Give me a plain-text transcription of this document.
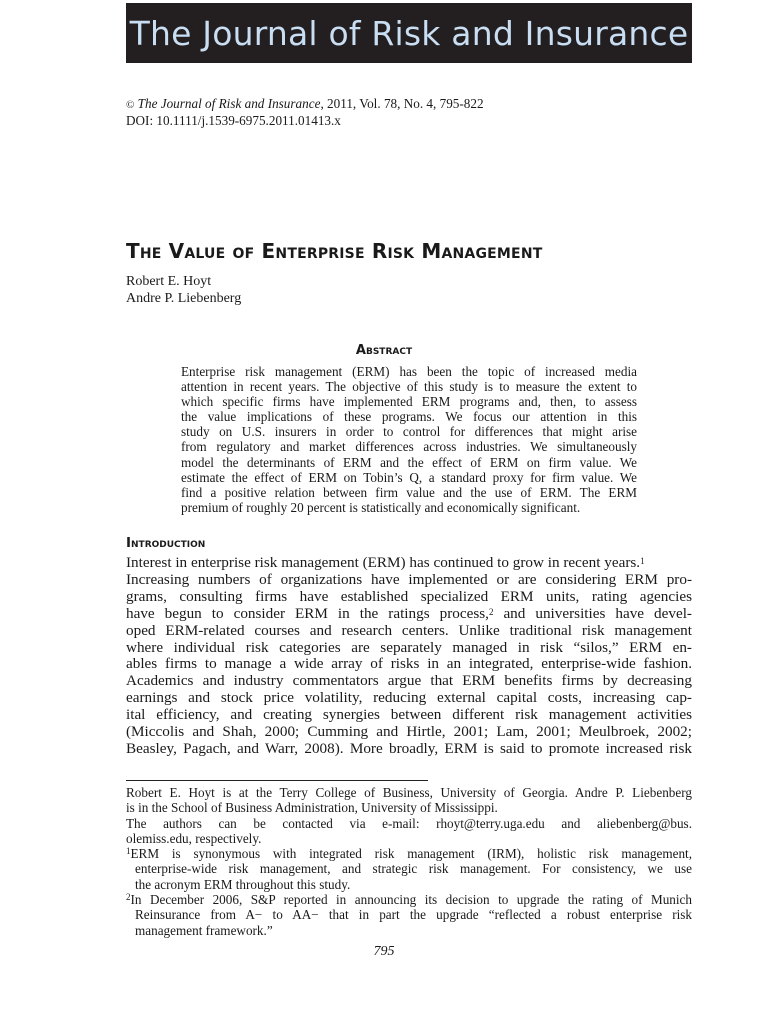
The Journal of Risk and Insurance
© The Journal of Risk and Insurance, 2011, Vol. 78, No. 4, 795-822
DOI: 10.1111/j.1539-6975.2011.01413.x
The Value of Enterprise Risk Management
Robert E. Hoyt
Andre P. Liebenberg
Abstract
Enterprise risk management (ERM) has been the topic of increased media
attention in recent years. The objective of this study is to measure the extent to
which specific firms have implemented ERM programs and, then, to assess
the value implications of these programs. We focus our attention in this
study on U.S. insurers in order to control for differences that might arise
from regulatory and market differences across industries. We simultaneously
model the determinants of ERM and the effect of ERM on firm value. We
estimate the effect of ERM on Tobin’s Q, a standard proxy for firm value. We
find a positive relation between firm value and the use of ERM. The ERM
premium of roughly 20 percent is statistically and economically significant.
Introduction
Interest in enterprise risk management (ERM) has continued to grow in recent years.$^1$
Increasing numbers of organizations have implemented or are considering ERM pro-
grams, consulting firms have established specialized ERM units, rating agencies
have begun to consider ERM in the ratings process,$^2$ and universities have devel-
oped ERM-related courses and research centers. Unlike traditional risk management
where individual risk categories are separately managed in risk “silos,” ERM en-
ables firms to manage a wide array of risks in an integrated, enterprise-wide fashion.
Academics and industry commentators argue that ERM benefits firms by decreasing
earnings and stock price volatility, reducing external capital costs, increasing cap-
ital efficiency, and creating synergies between different risk management activities
(Miccolis and Shah, 2000; Cumming and Hirtle, 2001; Lam, 2001; Meulbroek, 2002;
Beasley, Pagach, and Warr, 2008). More broadly, ERM is said to promote increased risk
Robert E. Hoyt is at the Terry College of Business, University of Georgia. Andre P. Liebenberg
is in the School of Business Administration, University of Mississippi.
The authors can be contacted via e-mail: rhoyt@terry.uga.edu and aliebenberg@bus.
olemiss.edu, respectively.
$^1$ERM is synonymous with integrated risk management (IRM), holistic risk management,
enterprise-wide risk management, and strategic risk management. For consistency, we use
the acronym ERM throughout this study.
$^2$In December 2006, S&P reported in announcing its decision to upgrade the rating of Munich
Reinsurance from A− to AA− that in part the upgrade “reflected a robust enterprise risk
management framework.”
795
